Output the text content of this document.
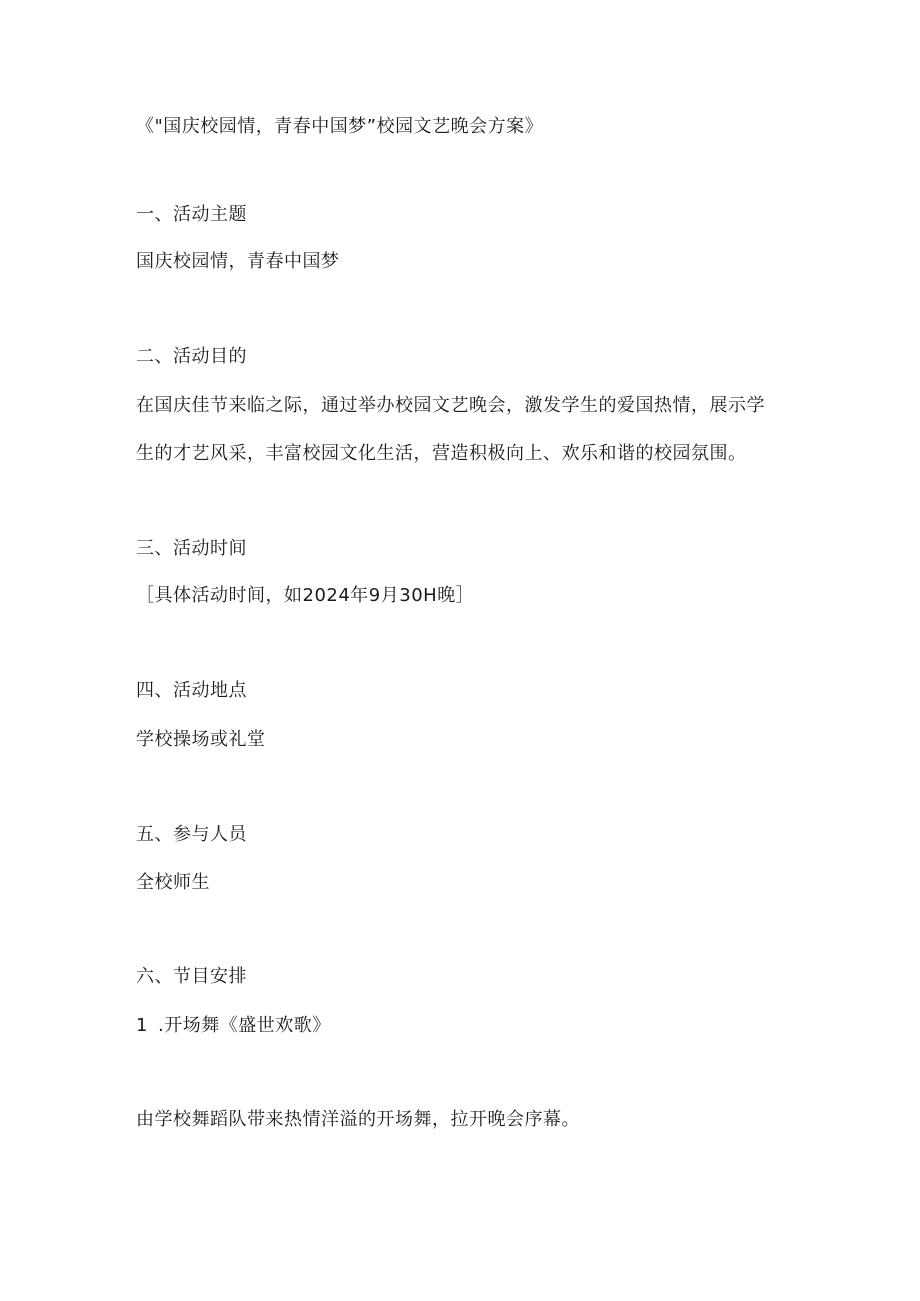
《"国庆校园情，青春中国梦”校园文艺晚会方案》
一、活动主题
国庆校园情，青春中国梦
二、活动目的
在国庆佳节来临之际，通过举办校园文艺晚会，激发学生的爱国热情，展示学
生的才艺风采，丰富校园文化生活，营造积极向上、欢乐和谐的校园氛围。
三、活动时间
［具体活动时间，如2024年9月30H晚］
四、活动地点
学校操场或礼堂
五、参与人员
全校师生
六、节目安排
1 .开场舞《盛世欢歌》
由学校舞蹈队带来热情洋溢的开场舞，拉开晚会序幕。
